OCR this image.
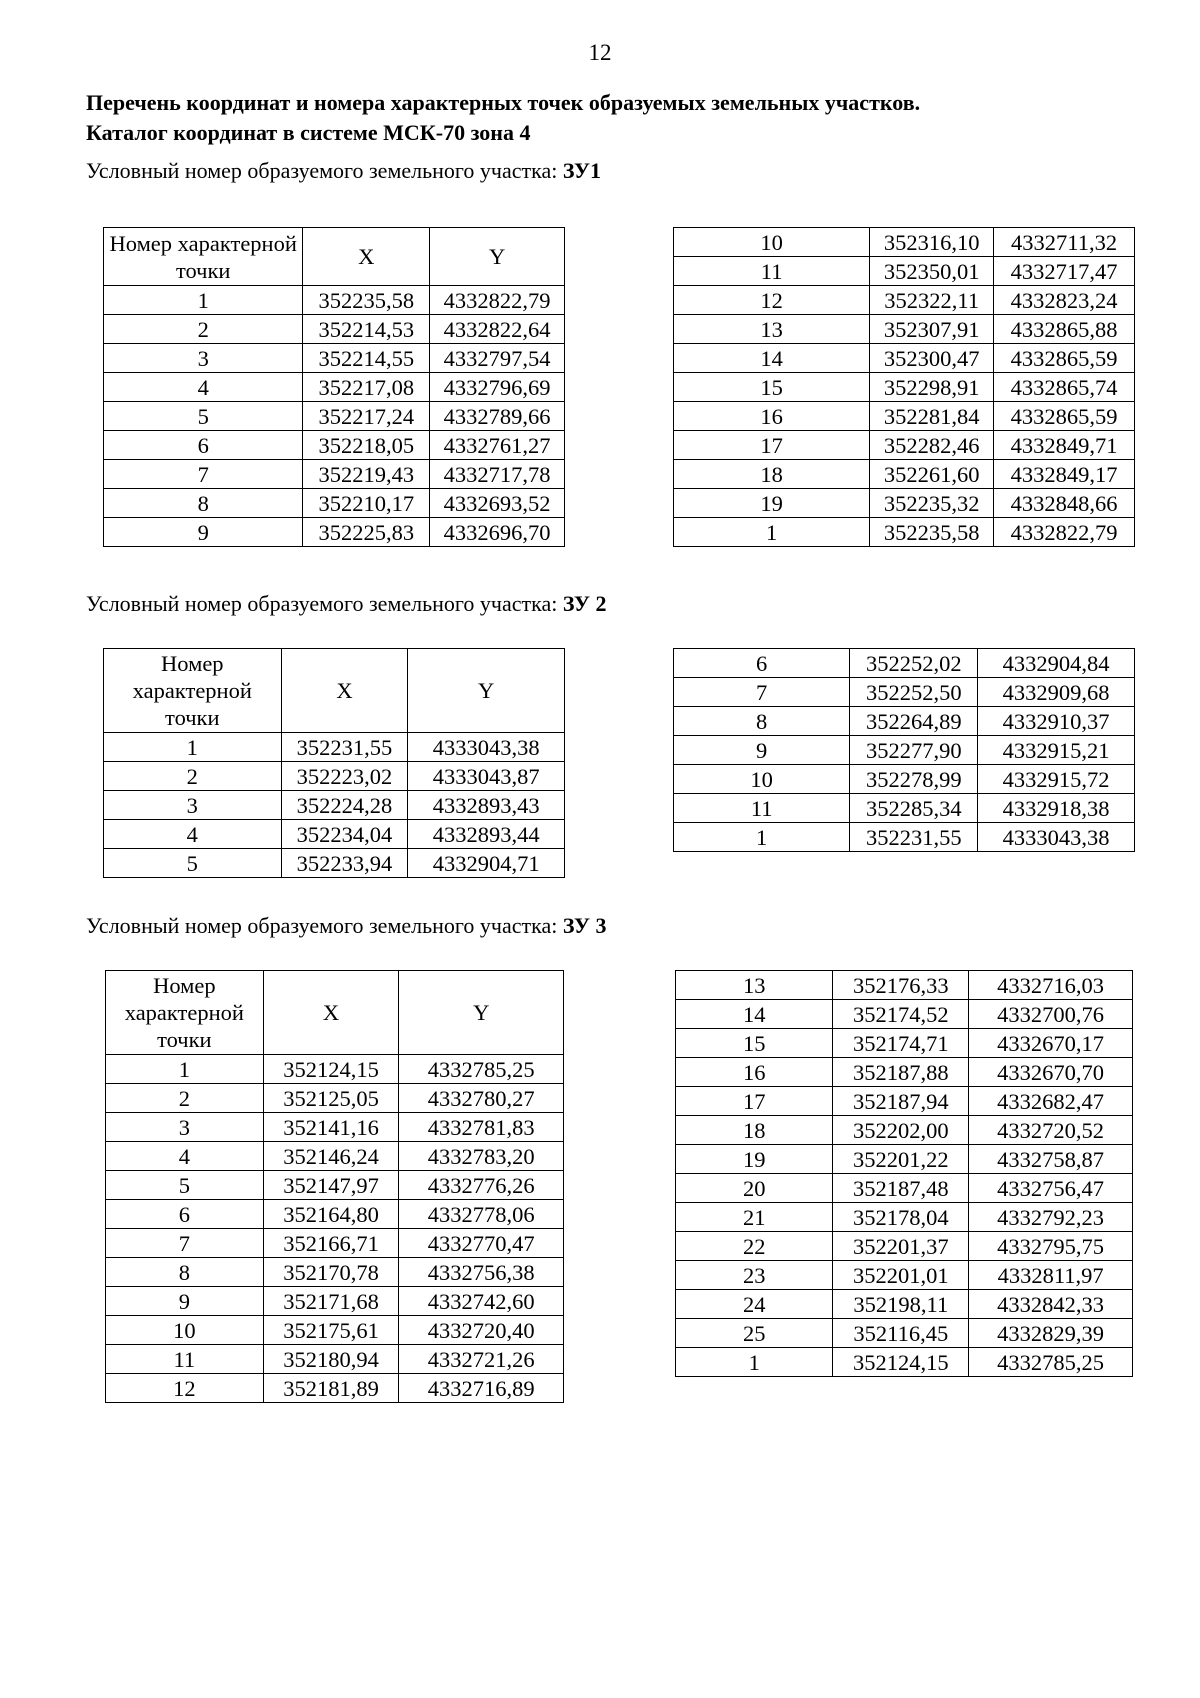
12
Перечень координат и номера характерных точек образуемых земельных участков.
Каталог координат в системе МСК-70 зона 4
Условный номер образуемого земельного участка: ЗУ1
Номер характерной точки	X	Y
1	352235,58	4332822,79
2	352214,53	4332822,64
3	352214,55	4332797,54
4	352217,08	4332796,69
5	352217,24	4332789,66
6	352218,05	4332761,27
7	352219,43	4332717,78
8	352210,17	4332693,52
9	352225,83	4332696,70
10	352316,10	4332711,32
11	352350,01	4332717,47
12	352322,11	4332823,24
13	352307,91	4332865,88
14	352300,47	4332865,59
15	352298,91	4332865,74
16	352281,84	4332865,59
17	352282,46	4332849,71
18	352261,60	4332849,17
19	352235,32	4332848,66
1	352235,58	4332822,79
Условный номер образуемого земельного участка: ЗУ 2
Номер
характерной
точки	X	Y
1	352231,55	4333043,38
2	352223,02	4333043,87
3	352224,28	4332893,43
4	352234,04	4332893,44
5	352233,94	4332904,71
6	352252,02	4332904,84
7	352252,50	4332909,68
8	352264,89	4332910,37
9	352277,90	4332915,21
10	352278,99	4332915,72
11	352285,34	4332918,38
1	352231,55	4333043,38
Условный номер образуемого земельного участка: ЗУ 3
Номер
характерной
точки	X	Y
1	352124,15	4332785,25
2	352125,05	4332780,27
3	352141,16	4332781,83
4	352146,24	4332783,20
5	352147,97	4332776,26
6	352164,80	4332778,06
7	352166,71	4332770,47
8	352170,78	4332756,38
9	352171,68	4332742,60
10	352175,61	4332720,40
11	352180,94	4332721,26
12	352181,89	4332716,89
13	352176,33	4332716,03
14	352174,52	4332700,76
15	352174,71	4332670,17
16	352187,88	4332670,70
17	352187,94	4332682,47
18	352202,00	4332720,52
19	352201,22	4332758,87
20	352187,48	4332756,47
21	352178,04	4332792,23
22	352201,37	4332795,75
23	352201,01	4332811,97
24	352198,11	4332842,33
25	352116,45	4332829,39
1	352124,15	4332785,25
